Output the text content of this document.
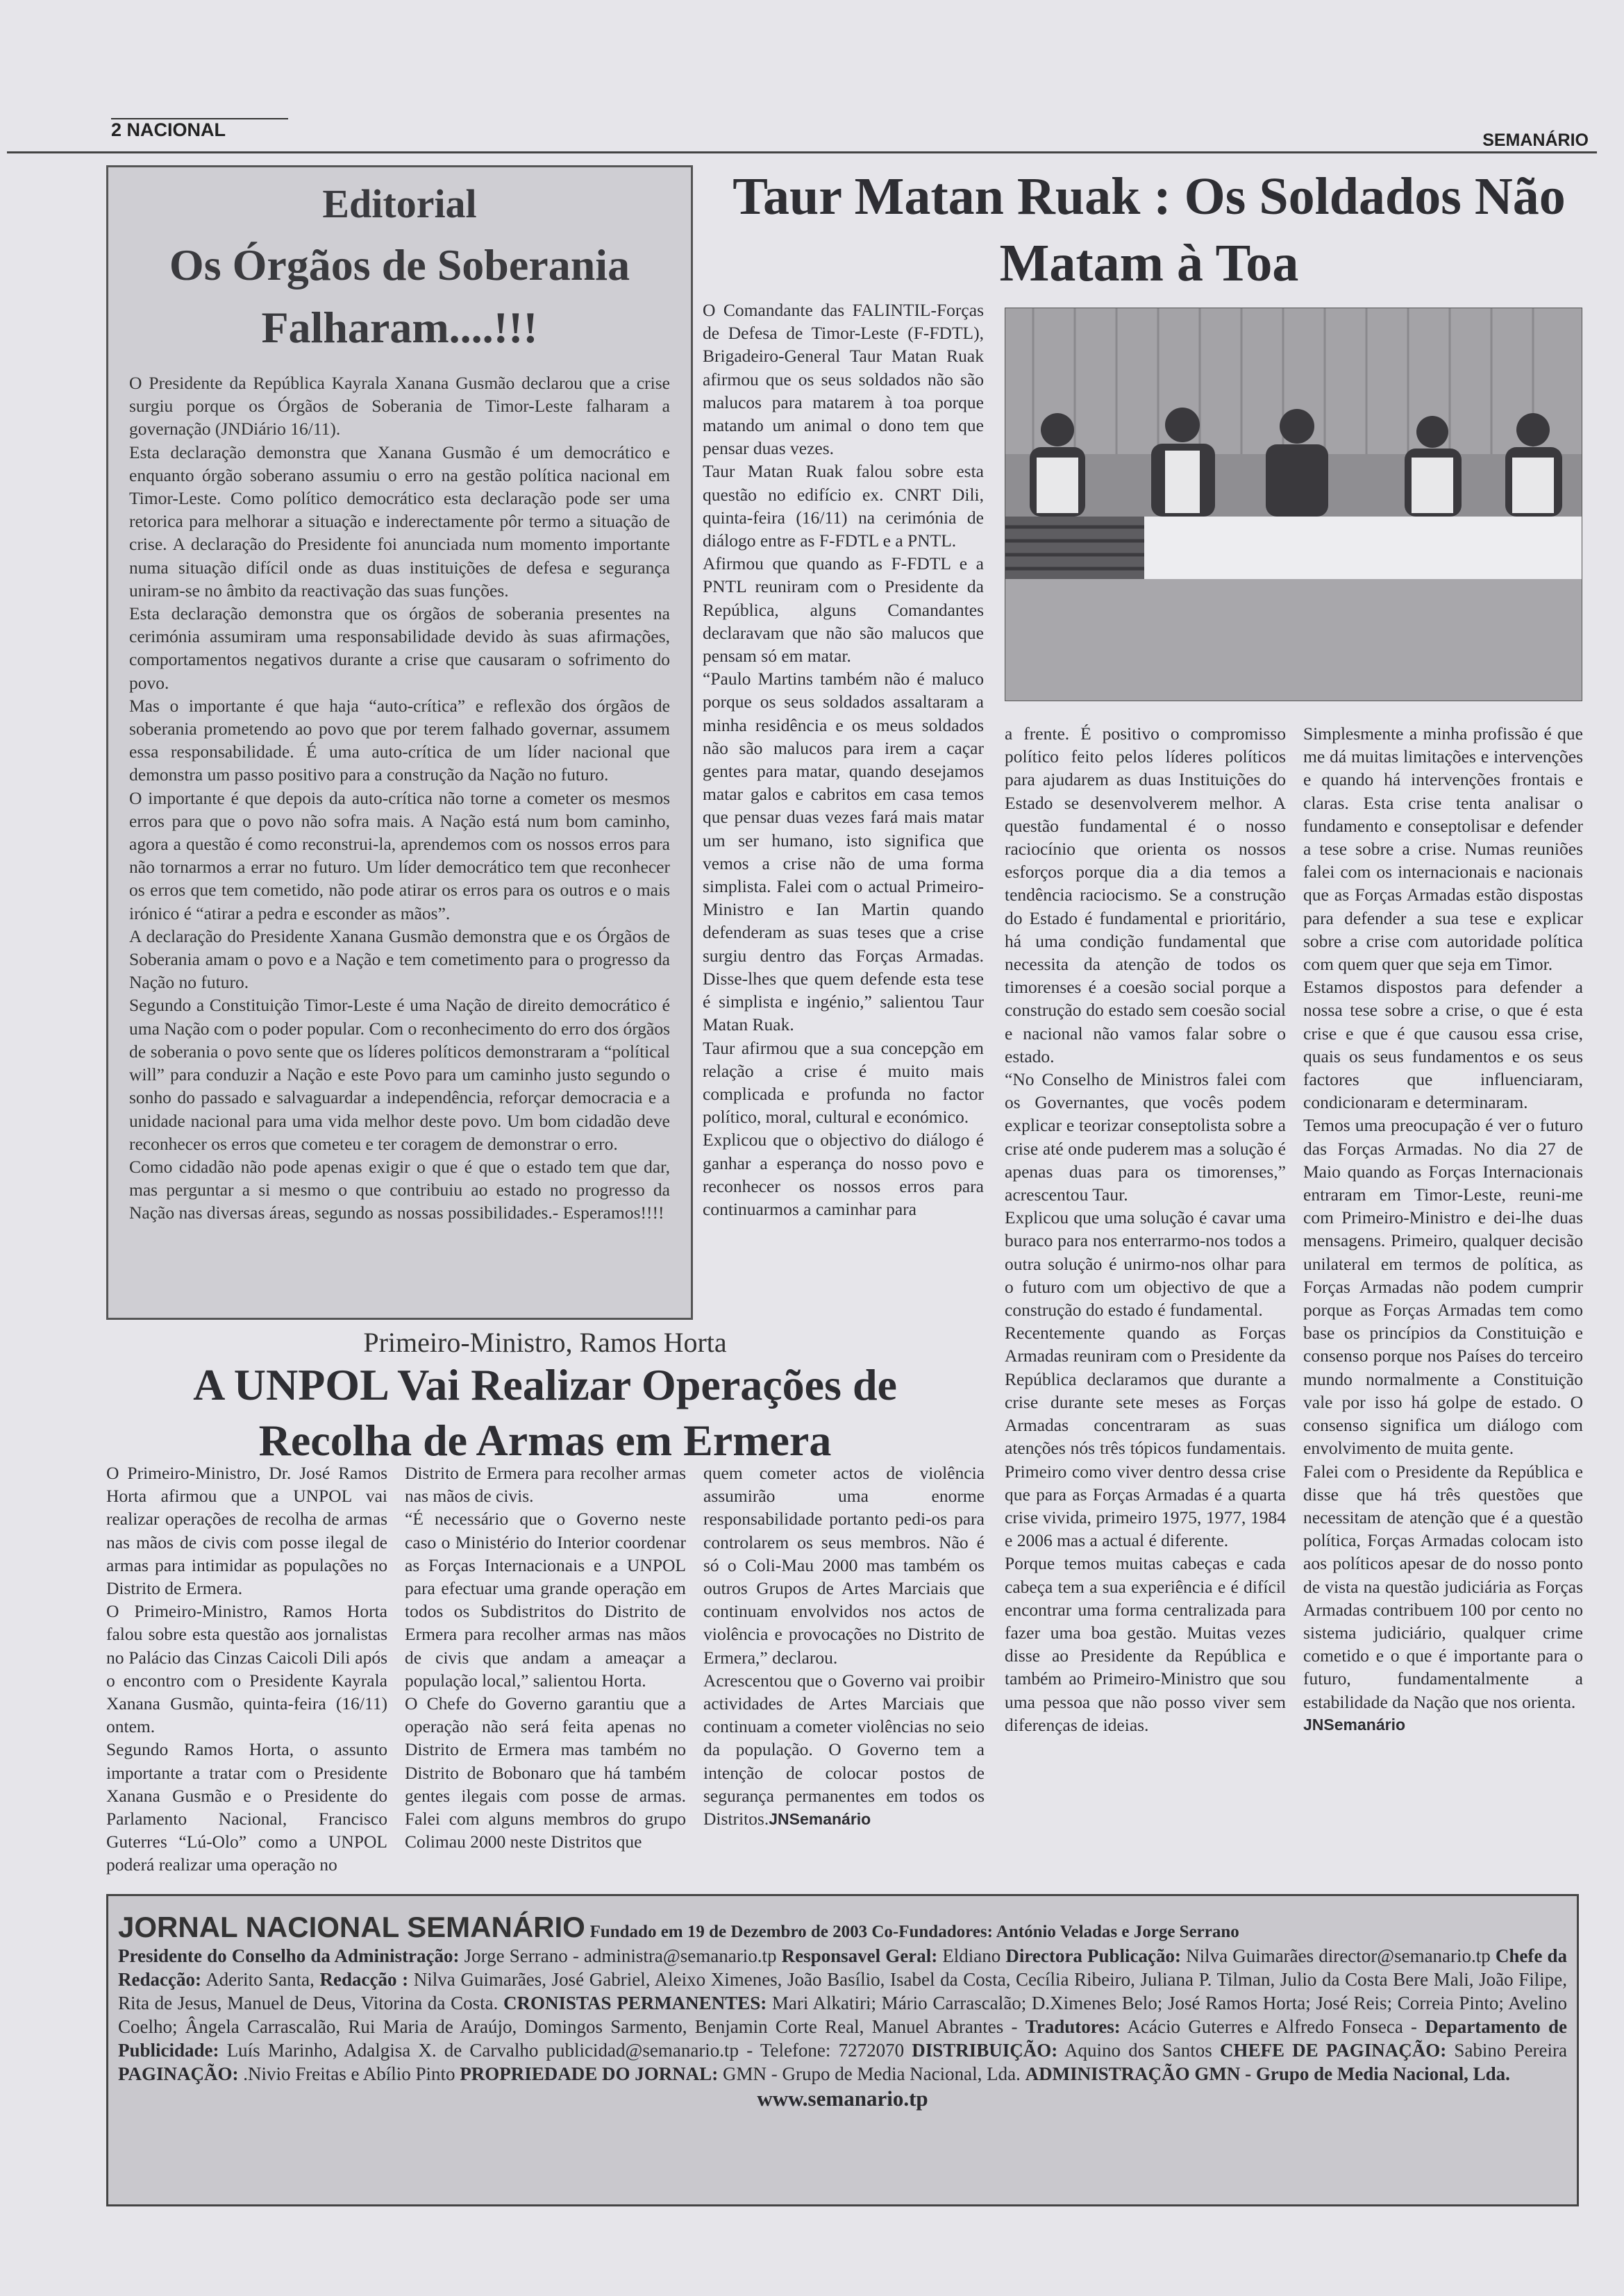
2 NACIONAL	SEMANÁRIO
Editorial
Os Órgãos de Soberania Falharam....!!!

O Presidente da República Kayrala Xanana Gusmão declarou que a crise surgiu porque os Órgãos de Soberania de Timor-Leste falharam a governação (JNDiário 16/11).

Esta declaração demonstra que Xanana Gusmão é um democrático e enquanto órgão soberano assumiu o erro na gestão política nacional em Timor-Leste. Como político democrático esta declaração pode ser uma retorica para melhorar a situação e inderectamente pôr termo a situação de crise. A declaração do Presidente foi anunciada num momento importante numa situação difícil onde as duas instituições de defesa e segurança uniram-se no âmbito da reactivação das suas funções.

Esta declaração demonstra que os órgãos de soberania presentes na cerimónia assumiram uma responsabilidade devido às suas afirmações, comportamentos negativos durante a crise que causaram o sofrimento do povo.

Mas o importante é que haja “auto-crítica” e reflexão dos órgãos de soberania prometendo ao povo que por terem falhado governar, assumem essa responsabilidade. É uma auto-crítica de um líder nacional que demonstra um passo positivo para a construção da Nação no futuro.

O importante é que depois da auto-crítica não torne a cometer os mesmos erros para que o povo não sofra mais. A Nação está num bom caminho, agora a questão é como reconstrui-la, aprendemos com os nossos erros para não tornarmos a errar no futuro. Um líder democrático tem que reconhecer os erros que tem cometido, não pode atirar os erros para os outros e o mais irónico é “atirar a pedra e esconder as mãos”.

A declaração do Presidente Xanana Gusmão demonstra que e os Órgãos de Soberania amam o povo e a Nação e tem cometimento para o progresso da Nação no futuro.

Segundo a Constituição Timor-Leste é uma Nação de direito democrático é uma Nação com o poder popular. Com o reconhecimento do erro dos órgãos de soberania o povo sente que os líderes políticos demonstraram a “polítical will” para conduzir a Nação e este Povo para um caminho justo segundo o sonho do passado e salvaguardar a independência, reforçar democracia e a unidade nacional para uma vida melhor deste povo. Um bom cidadão deve reconhecer os erros que cometeu e ter coragem de demonstrar o erro.

Como cidadão não pode apenas exigir o que é que o estado tem que dar, mas perguntar a si mesmo o que contribuiu ao estado no progresso da Nação nas diversas áreas, segundo as nossas possibilidades.- Esperamos!!!!

Taur Matan Ruak : Os Soldados Não Matam à Toa

O Comandante das FALINTIL-Forças de Defesa de Timor-Leste (F-FDTL), Brigadeiro-General Taur Matan Ruak afirmou que os seus soldados não são malucos para matarem à toa porque matando um animal o dono tem que pensar duas vezes.

Taur Matan Ruak falou sobre esta questão no edifício ex. CNRT Dili, quinta-feira (16/11) na cerimónia de diálogo entre as F-FDTL e a PNTL.

Afirmou que quando as F-FDTL e a PNTL reuniram com o Presidente da República, alguns Comandantes declaravam que não são malucos que pensam só em matar.

“Paulo Martins também não é maluco porque os seus soldados assaltaram a minha residência e os meus soldados não são malucos para irem a caçar gentes para matar, quando desejamos matar galos e cabritos em casa temos que pensar duas vezes fará mais matar um ser humano, isto significa que vemos a crise não de uma forma simplista. Falei com o actual Primeiro-Ministro e Ian Martin quando defenderam as suas teses que a crise surgiu dentro das Forças Armadas. Disse-lhes que quem defende esta tese é simplista e ingénio,” salientou Taur Matan Ruak.

Taur afirmou que a sua concepção em relação a crise é muito mais complicada e profunda no factor político, moral, cultural e económico.

Explicou que o objectivo do diálogo é ganhar a esperança do nosso povo e reconhecer os nossos erros para continuarmos a caminhar para

a frente. É positivo o compromisso político feito pelos líderes políticos para ajudarem as duas Instituições do Estado se desenvolverem melhor. A questão fundamental é o nosso raciocínio que orienta os nossos esforços porque dia a dia temos a tendência raciocismo. Se a construção do Estado é fundamental e prioritário, há uma condição fundamental que necessita da atenção de todos os timorenses é a coesão social porque a construção do estado sem coesão social e nacional não vamos falar sobre o estado.

“No Conselho de Ministros falei com os Governantes, que vocês podem explicar e teorizar conseptolista sobre a crise até onde puderem mas a solução é apenas duas para os timorenses,” acrescentou Taur.

Explicou que uma solução é cavar uma buraco para nos enterrarmo-nos todos a outra solução é unirmo-nos olhar para o futuro com um objectivo de que a construção do estado é fundamental.

Recentemente quando as Forças Armadas reuniram com o Presidente da República declaramos que durante a crise durante sete meses as Forças Armadas concentraram as suas atenções nós três tópicos fundamentais. Primeiro como viver dentro dessa crise que para as Forças Armadas é a quarta crise vivida, primeiro 1975, 1977, 1984 e 2006 mas a actual é diferente.

Porque temos muitas cabeças e cada cabeça tem a sua experiência e é difícil encontrar uma forma centralizada para fazer uma boa gestão. Muitas vezes disse ao Presidente da República e também ao Primeiro-Ministro que sou uma pessoa que não posso viver sem diferenças de ideias.

Simplesmente a minha profissão é que me dá muitas limitações e intervenções e quando há intervenções frontais e claras. Esta crise tenta analisar o fundamento e conseptolisar e defender a tese sobre a crise. Numas reuniões falei com os internacionais e nacionais que as Forças Armadas estão dispostas para defender a sua tese e explicar sobre a crise com autoridade política com quem quer que seja em Timor.

Estamos dispostos para defender a nossa tese sobre a crise, o que é esta crise e que é que causou essa crise, quais os seus fundamentos e os seus factores que influenciaram, condicionaram e determinaram.

Temos uma preocupação é ver o futuro das Forças Armadas. No dia 27 de Maio quando as Forças Internacionais entraram em Timor-Leste, reuni-me com Primeiro-Ministro e dei-lhe duas mensagens. Primeiro, qualquer decisão unilateral em termos de política, as Forças Armadas não podem cumprir porque as Forças Armadas tem como base os princípios da Constituição e consenso porque nos Países do terceiro mundo normalmente a Constituição vale por isso há golpe de estado. O consenso significa um diálogo com envolvimento de muita gente.

Falei com o Presidente da República e disse que há três questões que necessitam de atenção que é a questão política, Forças Armadas colocam isto aos políticos apesar de do nosso ponto de vista na questão judiciária as Forças Armadas contribuem 100 por cento no sistema judiciário, qualquer crime cometido e o que é importante para o futuro, fundamentalmente a estabilidade da Nação que nos orienta.

JNSemanário
Primeiro-Ministro, Ramos Horta
A UNPOL Vai Realizar Operações de Recolha de Armas em Ermera

O Primeiro-Ministro, Dr. José Ramos Horta afirmou que a UNPOL vai realizar operações de recolha de armas nas mãos de civis com posse ilegal de armas para intimidar as populações no Distrito de Ermera.

O Primeiro-Ministro, Ramos Horta falou sobre esta questão aos jornalistas no Palácio das Cinzas Caicoli Dili após o encontro com o Presidente Kayrala Xanana Gusmão, quinta-feira (16/11) ontem.

Segundo Ramos Horta, o assunto importante a tratar com o Presidente Xanana Gusmão e o Presidente do Parlamento Nacional, Francisco Guterres “Lú-Olo” como a UNPOL poderá realizar uma operação no

Distrito de Ermera para recolher armas nas mãos de civis.

“É necessário que o Governo neste caso o Ministério do Interior coordenar as Forças Internacionais e a UNPOL para efectuar uma grande operação em todos os Subdistritos do Distrito de Ermera para recolher armas nas mãos de civis que andam a ameaçar a população local,” salientou Horta.

O Chefe do Governo garantiu que a operação não será feita apenas no Distrito de Ermera mas também no Distrito de Bobonaro que há também gentes ilegais com posse de armas. Falei com alguns membros do grupo Colimau 2000 neste Distritos que

quem cometer actos de violência assumirão uma enorme responsabilidade portanto pedi-os para controlarem os seus membros. Não é só o Coli-Mau 2000 mas também os outros Grupos de Artes Marciais que continuam envolvidos nos actos de violência e provocações no Distrito de Ermera,” declarou.

Acrescentou que o Governo vai proibir actividades de Artes Marciais que continuam a cometer violências no seio da população. O Governo tem a intenção de colocar postos de segurança permanentes em todos os Distritos.JNSemanário

JORNAL NACIONAL SEMANÁRIO Fundado em 19 de Dezembro de 2003 Co-Fundadores: António Veladas e Jorge Serrano
Presidente do Conselho da Administração: Jorge Serrano - administra@semanario.tp Responsavel Geral: Eldiano Directora Publicação: Nilva Guimarães director@semanario.tp Chefe da Redacção: Aderito Santa, Redacção : Nilva Guimarães, José Gabriel, Aleixo Ximenes, João Basílio, Isabel da Costa, Cecília Ribeiro, Juliana P. Tilman, Julio da Costa Bere Mali, João Filipe, Rita de Jesus, Manuel de Deus, Vitorina da Costa. CRONISTAS PERMANENTES: Mari Alkatiri; Mário Carrascalão; D.Ximenes Belo; José Ramos Horta; José Reis; Correia Pinto; Avelino Coelho; Ângela Carrascalão, Rui Maria de Araújo, Domingos Sarmento, Benjamin Corte Real, Manuel Abrantes - Tradutores: Acácio Guterres e Alfredo Fonseca - Departamento de Publicidade: Luís Marinho, Adalgisa X. de Carvalho publicidad@semanario.tp - Telefone: 7272070 DISTRIBUIÇÃO: Aquino dos Santos CHEFE DE PAGINAÇÃO: Sabino Pereira PAGINAÇÃO: .Nivio Freitas e Abílio Pinto PROPRIEDADE DO JORNAL: GMN - Grupo de Media Nacional, Lda. ADMINISTRAÇÃO GMN - Grupo de Media Nacional, Lda.
www.semanario.tp
